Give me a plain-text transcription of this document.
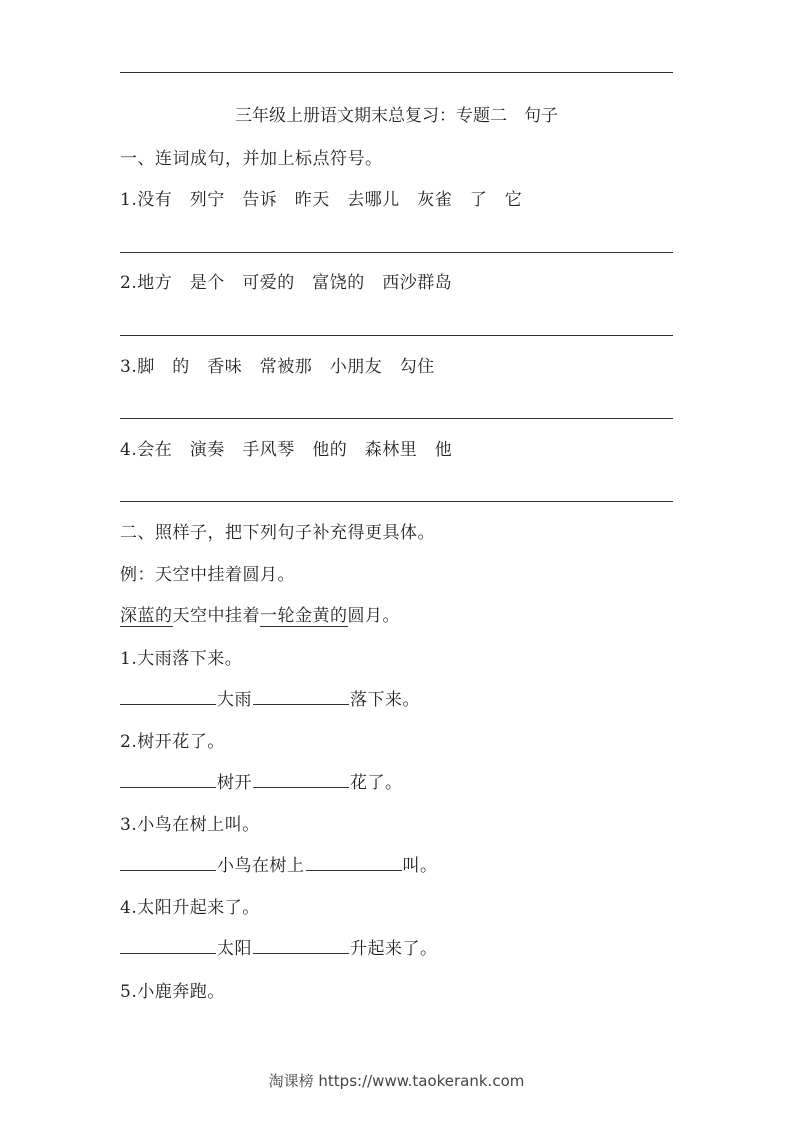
三年级上册语文期末总复习：专题二　句子
一、连词成句，并加上标点符号。
1.没有　列宁　告诉　昨天　去哪儿　灰雀　了　它
2.地方　是个　可爱的　富饶的　西沙群岛
3.脚　的　香味　常被那　小朋友　勾住
4.会在　演奏　手风琴　他的　森林里　他
二、照样子，把下列句子补充得更具体。
例：天空中挂着圆月。
深蓝的天空中挂着一轮金黄的圆月。
1.大雨落下来。
大雨	落下来。
2.树开花了。
树开	花了。
3.小鸟在树上叫。
小鸟在树上	叫。
4.太阳升起来了。
太阳	升起来了。
5.小鹿奔跑。
淘课榜 https://www.taokerank.com
